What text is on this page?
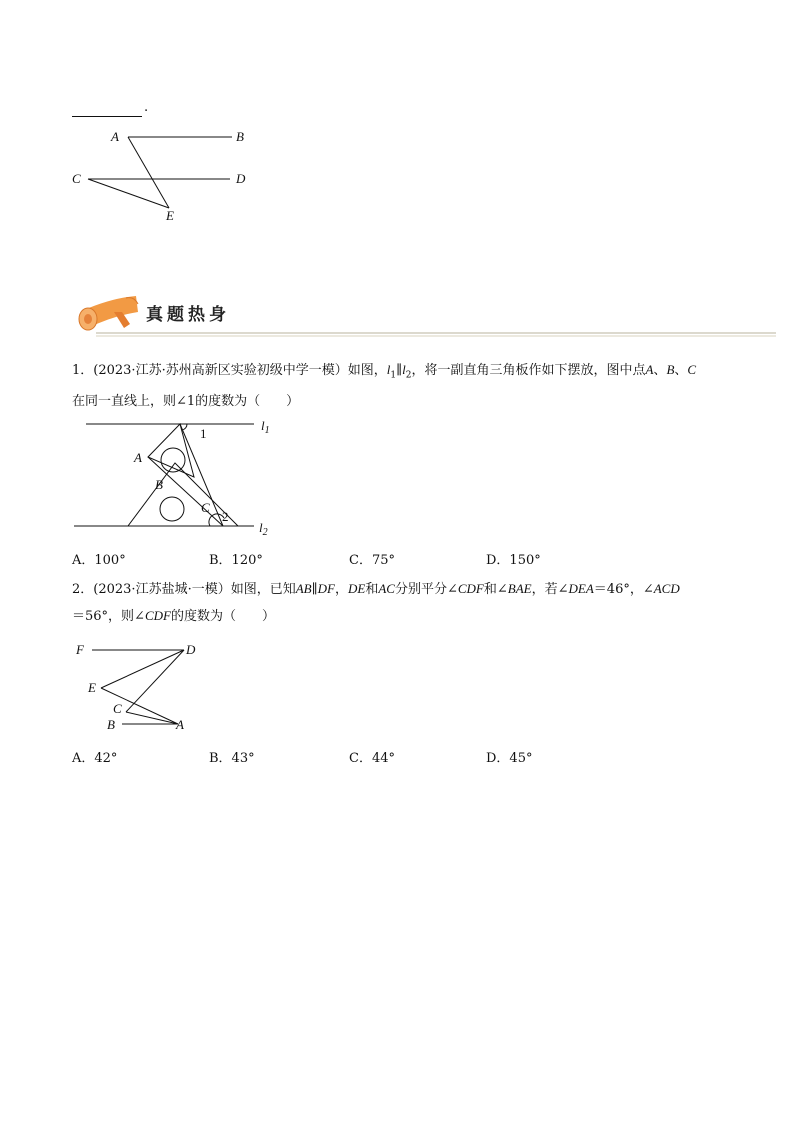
.
A	B
C	D
E
$l_1$
$l_2$
A
B
C
1
2
F	D
E
C
B	A
真题热身
1．(2023·江苏·苏州高新区实验初级中学一模）如图，$l_1\parallel l_2$，将一副直角三角板作如下摆放，图中点A、B、C
在同一直线上，则∠1的度数为（　　）
A．100°	B．120°	C．75°	D．150°
2．(2023·江苏盐城·一模）如图，已知AB∥DF，DE和AC分别平分∠CDF和∠BAE，若∠DEA＝46°，∠ACD
＝56°，则∠CDF的度数为（　　）
A．42°	B．43°	C．44°	D．45°
